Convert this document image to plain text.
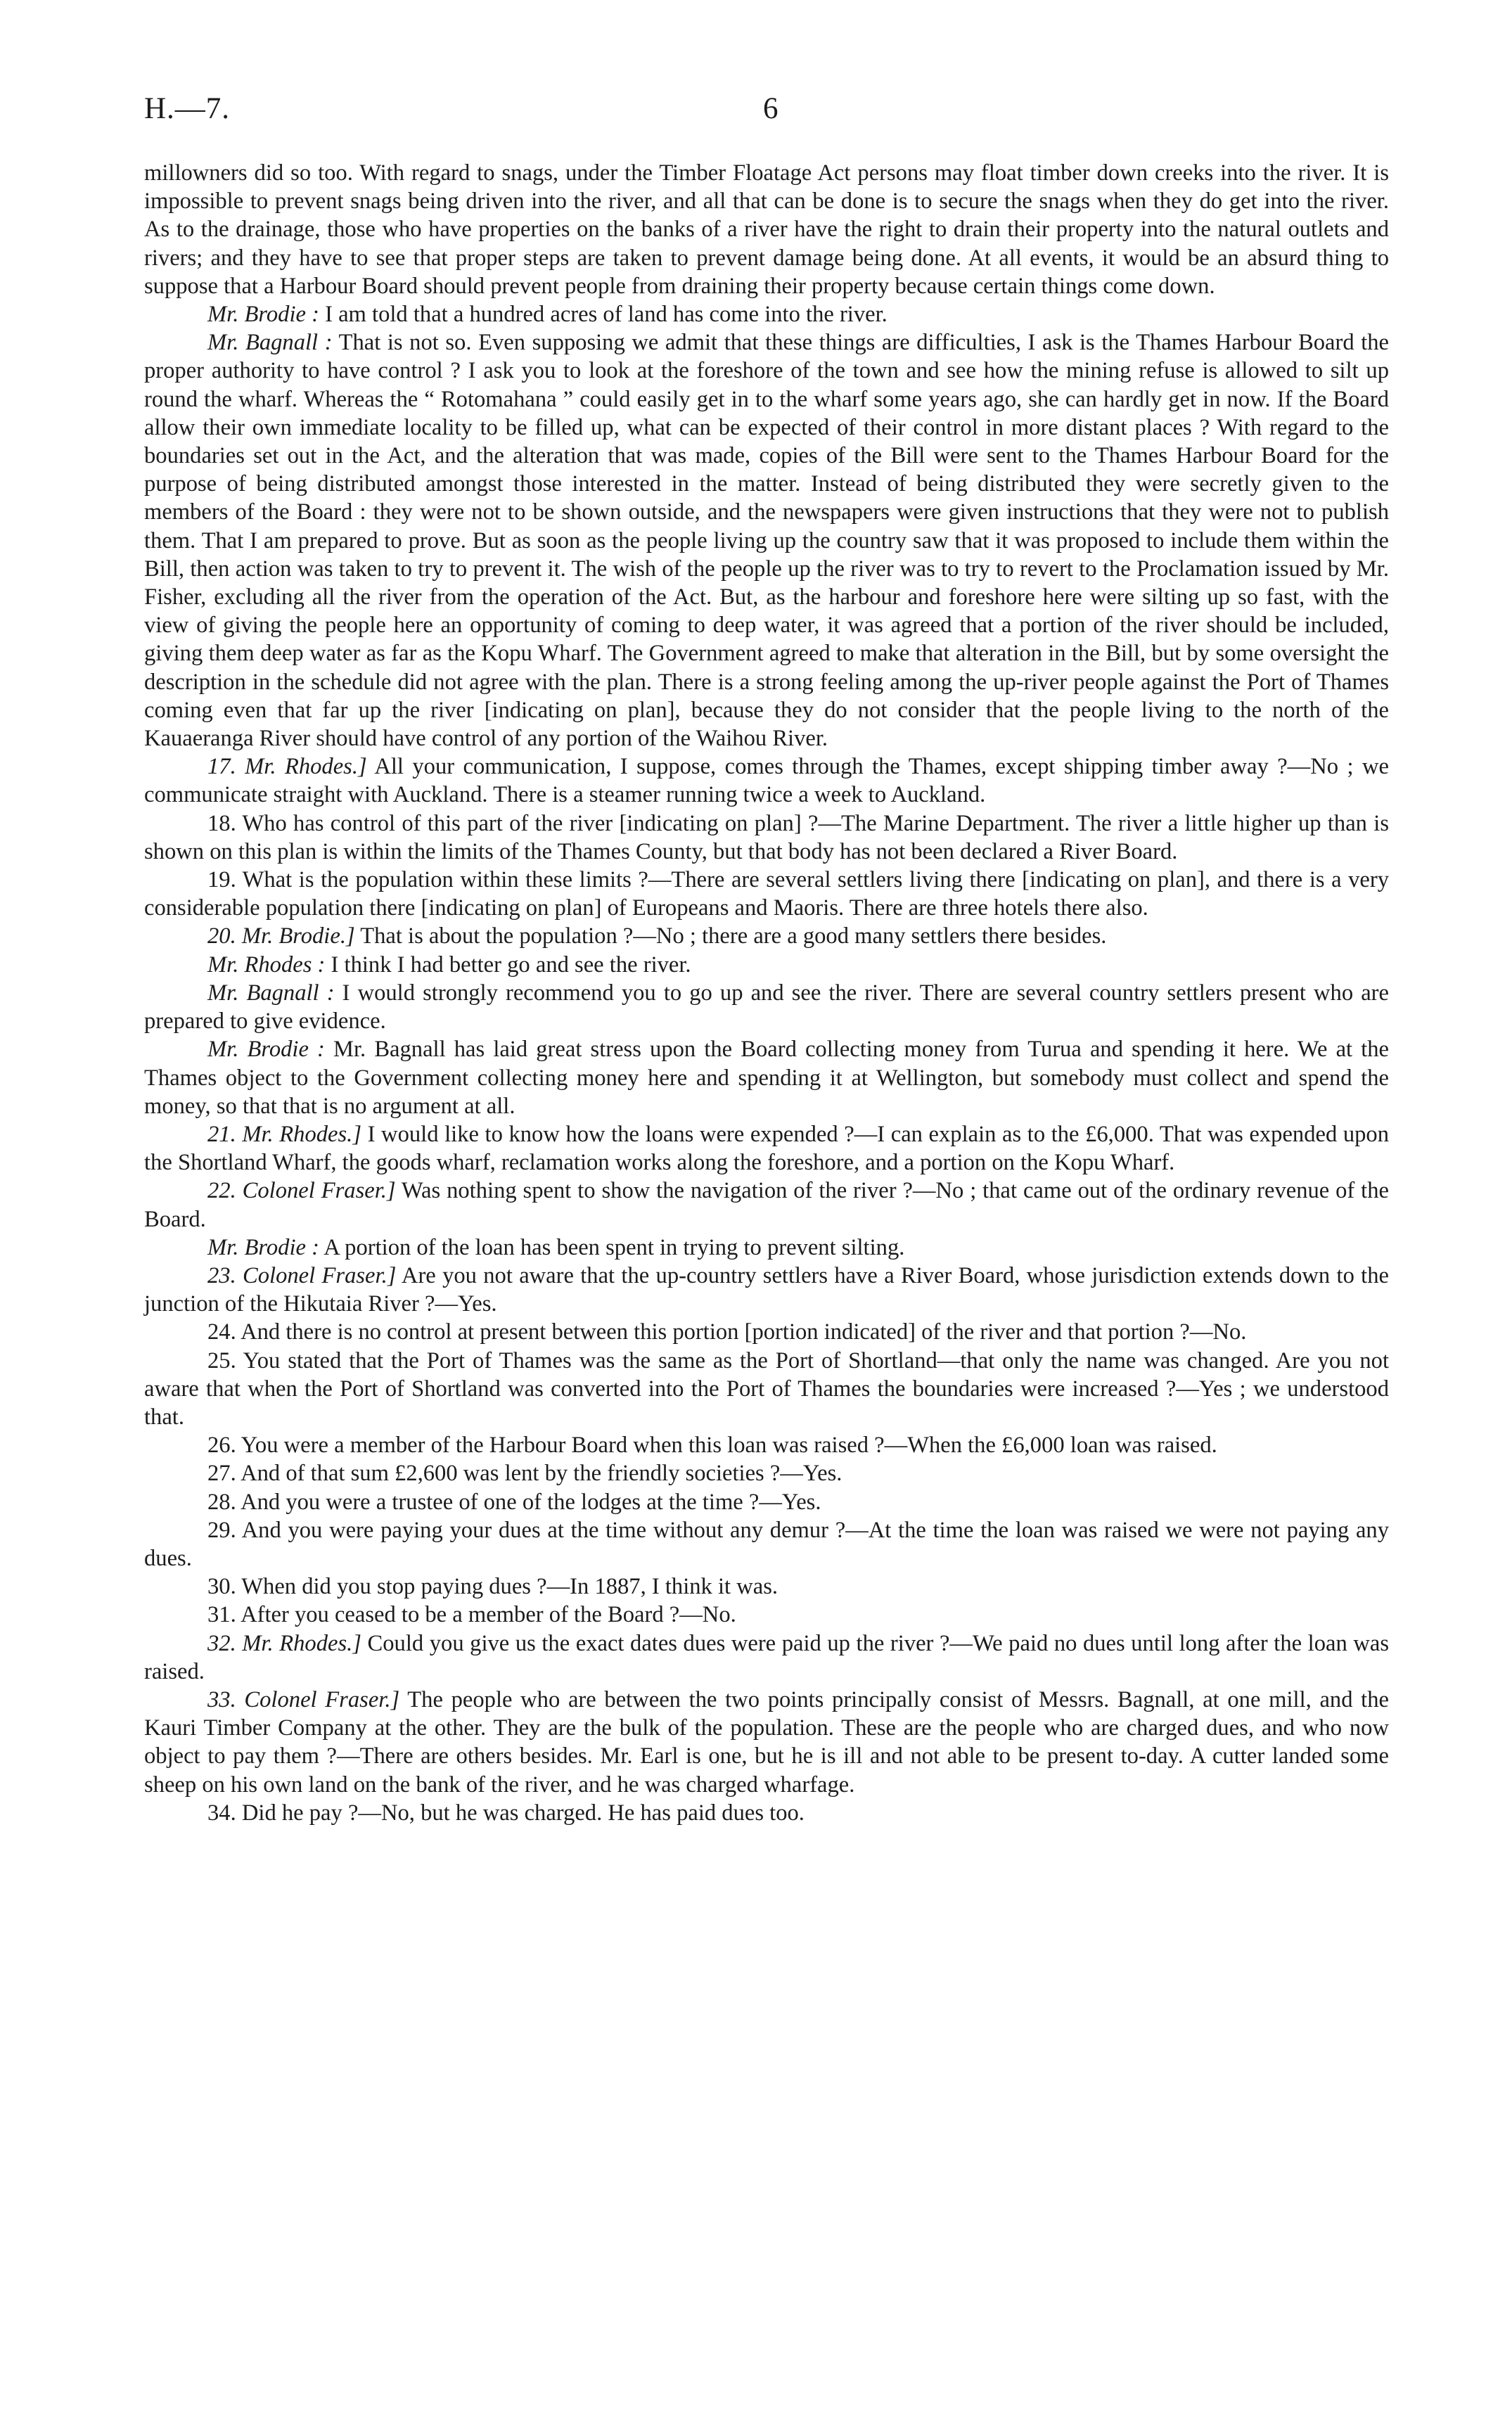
H.—7.	6

millowners did so too. With regard to snags, under the Timber Floatage Act persons may float timber down creeks into the river. It is impossible to prevent snags being driven into the river, and all that can be done is to secure the snags when they do get into the river. As to the drainage, those who have properties on the banks of a river have the right to drain their property into the natural outlets and rivers; and they have to see that proper steps are taken to prevent damage being done. At all events, it would be an absurd thing to suppose that a Harbour Board should prevent people from draining their property because certain things come down.

Mr. Brodie : I am told that a hundred acres of land has come into the river.

Mr. Bagnall : That is not so. Even supposing we admit that these things are difficulties, I ask is the Thames Harbour Board the proper authority to have control ? I ask you to look at the foreshore of the town and see how the mining refuse is allowed to silt up round the wharf. Whereas the “ Rotomahana ” could easily get in to the wharf some years ago, she can hardly get in now. If the Board allow their own immediate locality to be filled up, what can be expected of their control in more distant places ? With regard to the boundaries set out in the Act, and the alteration that was made, copies of the Bill were sent to the Thames Harbour Board for the purpose of being distributed amongst those interested in the matter. Instead of being distributed they were secretly given to the members of the Board : they were not to be shown outside, and the newspapers were given instructions that they were not to publish them. That I am prepared to prove. But as soon as the people living up the country saw that it was proposed to include them within the Bill, then action was taken to try to prevent it. The wish of the people up the river was to try to revert to the Proclamation issued by Mr. Fisher, excluding all the river from the operation of the Act. But, as the harbour and foreshore here were silting up so fast, with the view of giving the people here an opportunity of coming to deep water, it was agreed that a portion of the river should be included, giving them deep water as far as the Kopu Wharf. The Government agreed to make that alteration in the Bill, but by some oversight the description in the schedule did not agree with the plan. There is a strong feeling among the up-river people against the Port of Thames coming even that far up the river [indicating on plan], because they do not consider that the people living to the north of the Kauaeranga River should have control of any portion of the Waihou River.

17. Mr. Rhodes.] All your communication, I suppose, comes through the Thames, except shipping timber away ?—No ; we communicate straight with Auckland. There is a steamer running twice a week to Auckland.

18. Who has control of this part of the river [indicating on plan] ?—The Marine Department. The river a little higher up than is shown on this plan is within the limits of the Thames County, but that body has not been declared a River Board.

19. What is the population within these limits ?—There are several settlers living there [indicating on plan], and there is a very considerable population there [indicating on plan] of Europeans and Maoris. There are three hotels there also.

20. Mr. Brodie.] That is about the population ?—No ; there are a good many settlers there besides.

Mr. Rhodes : I think I had better go and see the river.

Mr. Bagnall : I would strongly recommend you to go up and see the river. There are several country settlers present who are prepared to give evidence.

Mr. Brodie : Mr. Bagnall has laid great stress upon the Board collecting money from Turua and spending it here. We at the Thames object to the Government collecting money here and spending it at Wellington, but somebody must collect and spend the money, so that that is no argument at all.

21. Mr. Rhodes.] I would like to know how the loans were expended ?—I can explain as to the £6,000. That was expended upon the Shortland Wharf, the goods wharf, reclamation works along the foreshore, and a portion on the Kopu Wharf.

22. Colonel Fraser.] Was nothing spent to show the navigation of the river ?—No ; that came out of the ordinary revenue of the Board.

Mr. Brodie : A portion of the loan has been spent in trying to prevent silting.

23. Colonel Fraser.] Are you not aware that the up-country settlers have a River Board, whose jurisdiction extends down to the junction of the Hikutaia River ?—Yes.

24. And there is no control at present between this portion [portion indicated] of the river and that portion ?—No.

25. You stated that the Port of Thames was the same as the Port of Shortland—that only the name was changed. Are you not aware that when the Port of Shortland was converted into the Port of Thames the boundaries were increased ?—Yes ; we understood that.

26. You were a member of the Harbour Board when this loan was raised ?—When the £6,000 loan was raised.

27. And of that sum £2,600 was lent by the friendly societies ?—Yes.

28. And you were a trustee of one of the lodges at the time ?—Yes.

29. And you were paying your dues at the time without any demur ?—At the time the loan was raised we were not paying any dues.

30. When did you stop paying dues ?—In 1887, I think it was.

31. After you ceased to be a member of the Board ?—No.

32. Mr. Rhodes.] Could you give us the exact dates dues were paid up the river ?—We paid no dues until long after the loan was raised.

33. Colonel Fraser.] The people who are between the two points principally consist of Messrs. Bagnall, at one mill, and the Kauri Timber Company at the other. They are the bulk of the population. These are the people who are charged dues, and who now object to pay them ?—There are others besides. Mr. Earl is one, but he is ill and not able to be present to-day. A cutter landed some sheep on his own land on the bank of the river, and he was charged wharfage.

34. Did he pay ?—No, but he was charged. He has paid dues too.
